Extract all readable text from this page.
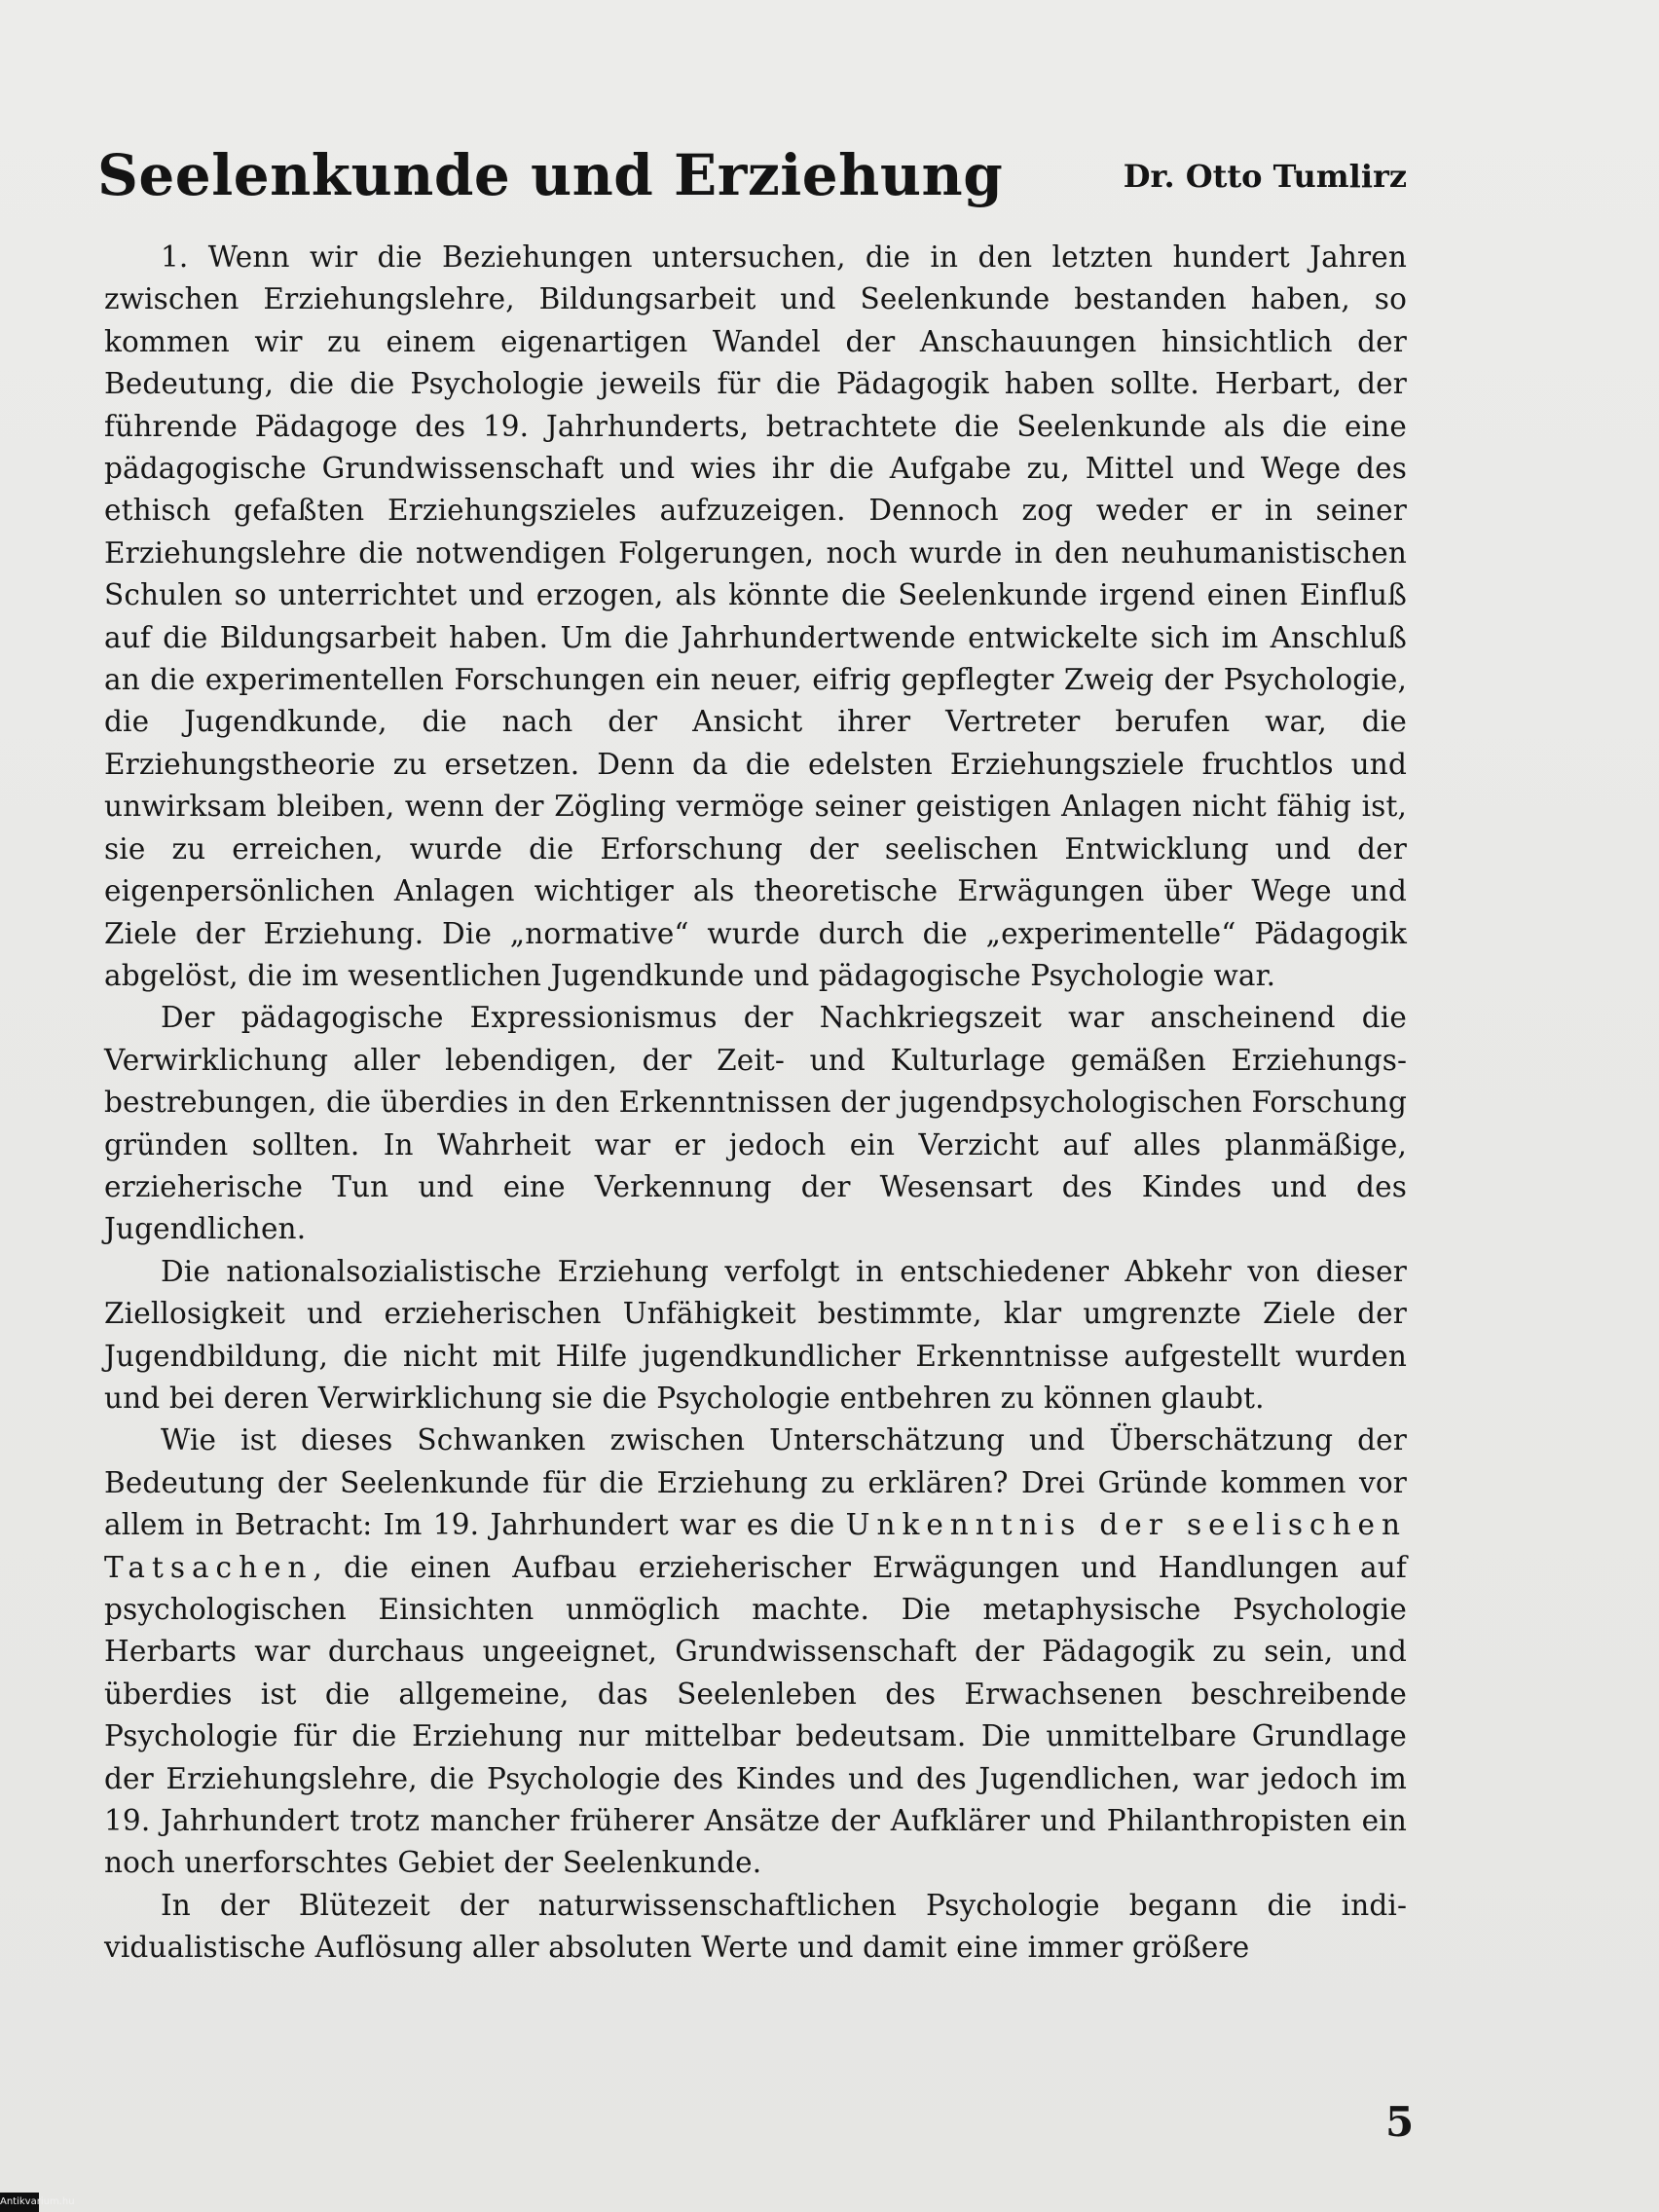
Seelenkunde und Erziehung	Dr. Otto Tumlirz

1. Wenn wir die Beziehungen untersuchen, die in den letzten hundert Jahren zwischen Erziehungslehre, Bildungsarbeit und Seelenkunde bestanden haben, so kommen wir zu einem eigenartigen Wandel der Anschauungen hinsichtlich der Bedeutung, die die Psychologie jeweils für die Pädagogik haben sollte. Herbart, der führende Pädagoge des 19. Jahrhunderts, betrachtete die Seelenkunde als die eine pädagogische Grundwissenschaft und wies ihr die Aufgabe zu, Mittel und Wege des ethisch gefaßten Erziehungszieles aufzuzeigen. Dennoch zog weder er in seiner Erziehungslehre die notwendigen Folgerungen, noch wurde in den neuhumanistischen Schulen so unterrichtet und erzogen, als könnte die Seelenkunde irgend einen Einfluß auf die Bildungsarbeit haben. Um die Jahrhundertwende entwickelte sich im Anschluß an die experimentellen Forschungen ein neuer, eifrig gepflegter Zweig der Psychologie, die Jugendkunde, die nach der Ansicht ihrer Vertreter berufen war, die Erziehungstheorie zu ersetzen. Denn da die edelsten Erziehungsziele fruchtlos und unwirksam bleiben, wenn der Zögling vermöge seiner geistigen Anlagen nicht fähig ist, sie zu erreichen, wurde die Erforschung der seelischen Entwicklung und der eigenpersönlichen Anlagen wichtiger als theoretische Erwägungen über Wege und Ziele der Erziehung. Die „normative“ wurde durch die „experimentelle“ Pädagogik abgelöst, die im wesentlichen Jugendkunde und pädagogische Psychologie war.

Der pädagogische Expressionismus der Nachkriegszeit war anscheinend die Verwirklichung aller lebendigen, der Zeit- und Kulturlage gemäßen Erziehungsbestrebungen, die überdies in den Erkenntnissen der jugendpsychologischen Forschung gründen sollten. In Wahrheit war er jedoch ein Verzicht auf alles planmäßige, erzieherische Tun und eine Verkennung der Wesensart des Kindes und des Jugendlichen.

Die nationalsozialistische Erziehung verfolgt in entschiedener Abkehr von dieser Ziellosigkeit und erzieherischen Unfähigkeit bestimmte, klar umgrenzte Ziele der Jugendbildung, die nicht mit Hilfe jugendkundlicher Erkenntnisse aufgestellt wurden und bei deren Verwirklichung sie die Psychologie entbehren zu können glaubt.

Wie ist dieses Schwanken zwischen Unterschätzung und Überschätzung der Bedeutung der Seelenkunde für die Erziehung zu erklären? Drei Gründe kommen vor allem in Betracht: Im 19. Jahrhundert war es die Unkenntnis der seelischen Tatsachen, die einen Aufbau erzieherischer Erwägungen und Handlungen auf psychologischen Einsichten unmöglich machte. Die metaphysische Psychologie Herbarts war durchaus ungeeignet, Grundwissenschaft der Pädagogik zu sein, und überdies ist die allgemeine, das Seelenleben des Erwachsenen beschreibende Psychologie für die Erziehung nur mittelbar bedeutsam. Die unmittelbare Grundlage der Erziehungslehre, die Psychologie des Kindes und des Jugendlichen, war jedoch im 19. Jahrhundert trotz mancher früherer Ansätze der Aufklärer und Philanthropisten ein noch unerforschtes Gebiet der Seelenkunde.

In der Blütezeit der naturwissenschaftlichen Psychologie begann die individualistische Auflösung aller absoluten Werte und damit eine immer größere

5
Antikvarium.hu
